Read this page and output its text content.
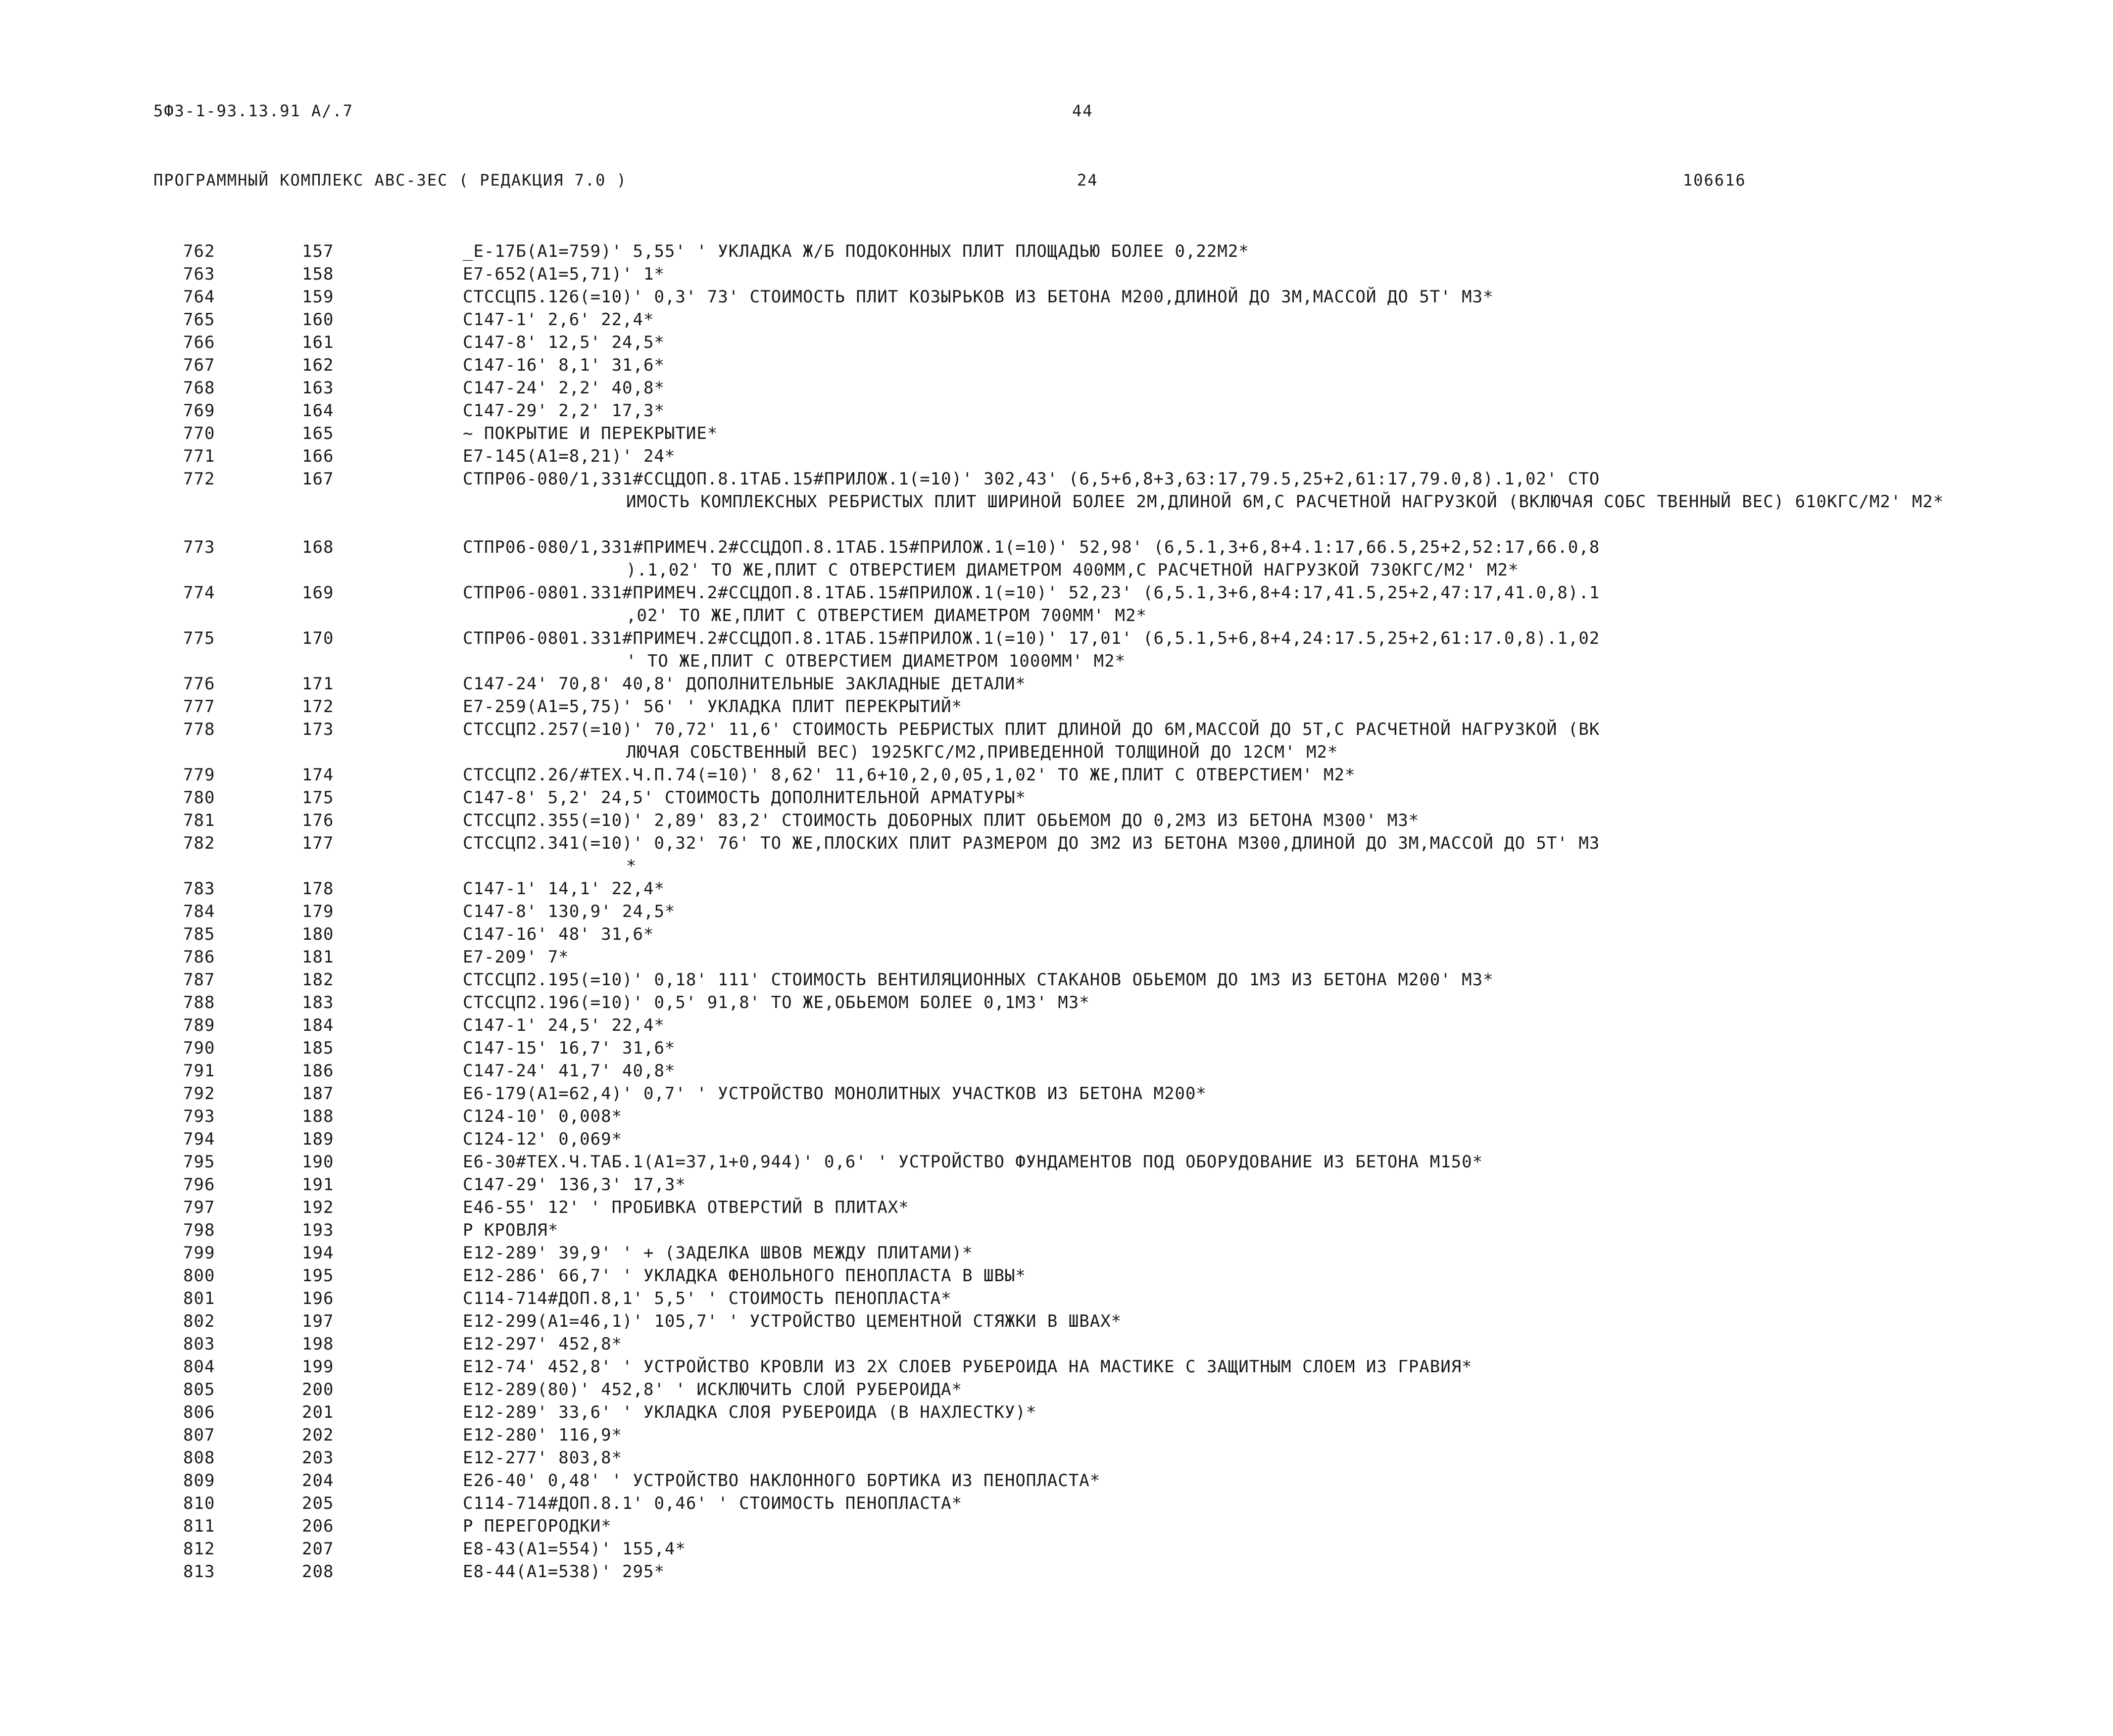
5Ф3-1-93.13.91 А/.7	44
ПРОГРАММНЫЙ КОМПЛЕКС АВС-3ЕС ( РЕДАКЦИЯ 7.0 )	24	106616
762	157	_Е-17Б(А1=759)' 5,55' ' УКЛАДКА Ж/Б ПОДОКОННЫХ ПЛИТ ПЛОЩАДЬЮ БОЛЕЕ 0,22М2*
763	158	Е7-652(А1=5,71)' 1*
764	159	СТССЦП5.126(=10)' 0,3' 73' СТОИМОСТЬ ПЛИТ КОЗЫРЬКОВ ИЗ БЕТОНА М200,ДЛИНОЙ ДО 3М,МАССОЙ ДО 5Т' М3*
765	160	С147-1' 2,6' 22,4*
766	161	С147-8' 12,5' 24,5*
767	162	С147-16' 8,1' 31,6*
768	163	С147-24' 2,2' 40,8*
769	164	С147-29' 2,2' 17,3*
770	165	~ ПОКРЫТИЕ И ПЕРЕКРЫТИЕ*
771	166	Е7-145(А1=8,21)' 24*
772	167	СТПР06-080/1,331#ССЦДОП.8.1ТАБ.15#ПРИЛОЖ.1(=10)' 302,43' (6,5+6,8+3,63:17,79.5,25+2,61:17,79.0,8).1,02' СТО
ИМОСТЬ КОМПЛЕКСНЫХ РЕБРИСТЫХ ПЛИТ ШИРИНОЙ БОЛЕЕ 2М,ДЛИНОЙ 6М,С РАСЧЕТНОЙ НАГРУЗКОЙ (ВКЛЮЧАЯ СОБС ТВЕННЫЙ ВЕС) 610КГС/М2' М2*
773	168	СТПР06-080/1,331#ПРИМЕЧ.2#ССЦДОП.8.1ТАБ.15#ПРИЛОЖ.1(=10)' 52,98' (6,5.1,3+6,8+4.1:17,66.5,25+2,52:17,66.0,8
).1,02' ТО ЖЕ,ПЛИТ С ОТВЕРСТИЕМ ДИАМЕТРОМ 400ММ,С РАСЧЕТНОЙ НАГРУЗКОЙ 730КГС/М2' М2*
774	169	СТПР06-0801.331#ПРИМЕЧ.2#ССЦДОП.8.1ТАБ.15#ПРИЛОЖ.1(=10)' 52,23' (6,5.1,3+6,8+4:17,41.5,25+2,47:17,41.0,8).1
,02' ТО ЖЕ,ПЛИТ С ОТВЕРСТИЕМ ДИАМЕТРОМ 700ММ' М2*
775	170	СТПР06-0801.331#ПРИМЕЧ.2#ССЦДОП.8.1ТАБ.15#ПРИЛОЖ.1(=10)' 17,01' (6,5.1,5+6,8+4,24:17.5,25+2,61:17.0,8).1,02
' ТО ЖЕ,ПЛИТ С ОТВЕРСТИЕМ ДИАМЕТРОМ 1000ММ' М2*
776	171	С147-24' 70,8' 40,8' ДОПОЛНИТЕЛЬНЫЕ ЗАКЛАДНЫЕ ДЕТАЛИ*
777	172	Е7-259(А1=5,75)' 56' ' УКЛАДКА ПЛИТ ПЕРЕКРЫТИЙ*
778	173	СТССЦП2.257(=10)' 70,72' 11,6' СТОИМОСТЬ РЕБРИСТЫХ ПЛИТ ДЛИНОЙ ДО 6М,МАССОЙ ДО 5Т,С РАСЧЕТНОЙ НАГРУЗКОЙ (ВК
ЛЮЧАЯ СОБСТВЕННЫЙ ВЕС) 1925КГС/М2,ПРИВЕДЕННОЙ ТОЛЩИНОЙ ДО 12СМ' М2*
779	174	СТССЦП2.26/#ТЕХ.Ч.П.74(=10)' 8,62' 11,6+10,2,0,05,1,02' ТО ЖЕ,ПЛИТ С ОТВЕРСТИЕМ' М2*
780	175	С147-8' 5,2' 24,5' СТОИМОСТЬ ДОПОЛНИТЕЛЬНОЙ АРМАТУРЫ*
781	176	СТССЦП2.355(=10)' 2,89' 83,2' СТОИМОСТЬ ДОБОРНЫХ ПЛИТ ОБЬЕМОМ ДО 0,2М3 ИЗ БЕТОНА М300' М3*
782	177	СТССЦП2.341(=10)' 0,32' 76' ТО ЖЕ,ПЛОСКИХ ПЛИТ РАЗМЕРОМ ДО 3М2 ИЗ БЕТОНА М300,ДЛИНОЙ ДО 3М,МАССОЙ ДО 5Т' М3
*
783	178	С147-1' 14,1' 22,4*
784	179	С147-8' 130,9' 24,5*
785	180	С147-16' 48' 31,6*
786	181	Е7-209' 7*
787	182	СТССЦП2.195(=10)' 0,18' 111' СТОИМОСТЬ ВЕНТИЛЯЦИОННЫХ СТАКАНОВ ОБЬЕМОМ ДО 1М3 ИЗ БЕТОНА М200' М3*
788	183	СТССЦП2.196(=10)' 0,5' 91,8' ТО ЖЕ,ОБЬЕМОМ БОЛЕЕ 0,1М3' М3*
789	184	С147-1' 24,5' 22,4*
790	185	С147-15' 16,7' 31,6*
791	186	С147-24' 41,7' 40,8*
792	187	Е6-179(А1=62,4)' 0,7' ' УСТРОЙСТВО МОНОЛИТНЫХ УЧАСТКОВ ИЗ БЕТОНА М200*
793	188	С124-10' 0,008*
794	189	С124-12' 0,069*
795	190	Е6-30#ТЕХ.Ч.ТАБ.1(А1=37,1+0,944)' 0,6' ' УСТРОЙСТВО ФУНДАМЕНТОВ ПОД ОБОРУДОВАНИЕ ИЗ БЕТОНА М150*
796	191	С147-29' 136,3' 17,3*
797	192	Е46-55' 12' ' ПРОБИВКА ОТВЕРСТИЙ В ПЛИТАХ*
798	193	Р КРОВЛЯ*
799	194	Е12-289' 39,9' ' + (ЗАДЕЛКА ШВОВ МЕЖДУ ПЛИТАМИ)*
800	195	Е12-286' 66,7' ' УКЛАДКА ФЕНОЛЬНОГО ПЕНОПЛАСТА В ШВЫ*
801	196	С114-714#ДОП.8,1' 5,5' ' СТОИМОСТЬ ПЕНОПЛАСТА*
802	197	Е12-299(А1=46,1)' 105,7' ' УСТРОЙСТВО ЦЕМЕНТНОЙ СТЯЖКИ В ШВАХ*
803	198	Е12-297' 452,8*
804	199	Е12-74' 452,8' ' УСТРОЙСТВО КРОВЛИ ИЗ 2Х СЛОЕВ РУБЕРОИДА НА МАСТИКЕ С ЗАЩИТНЫМ СЛОЕМ ИЗ ГРАВИЯ*
805	200	Е12-289(80)' 452,8' ' ИСКЛЮЧИТЬ СЛОЙ РУБЕРОИДА*
806	201	Е12-289' 33,6' ' УКЛАДКА СЛОЯ РУБЕРОИДА (В НАХЛЕСТКУ)*
807	202	Е12-280' 116,9*
808	203	Е12-277' 803,8*
809	204	Е26-40' 0,48' ' УСТРОЙСТВО НАКЛОННОГО БОРТИКА ИЗ ПЕНОПЛАСТА*
810	205	С114-714#ДОП.8.1' 0,46' ' СТОИМОСТЬ ПЕНОПЛАСТА*
811	206	Р ПЕРЕГОРОДКИ*
812	207	Е8-43(А1=554)' 155,4*
813	208	Е8-44(А1=538)' 295*
